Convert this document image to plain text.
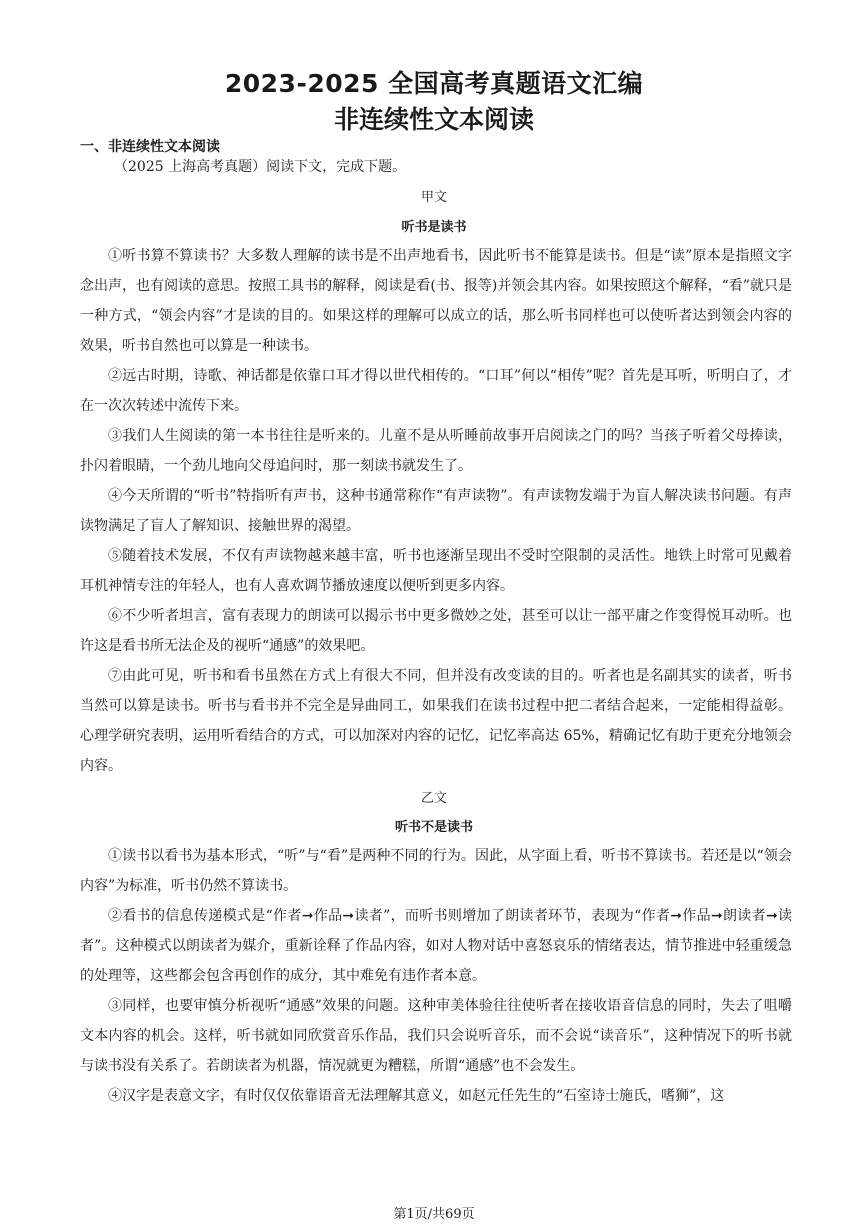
2023-2025 全国高考真题语文汇编
非连续性文本阅读
一、非连续性文本阅读
（2025 上海高考真题）阅读下文，完成下题。
甲文
听书是读书

①听书算不算读书？大多数人理解的读书是不出声地看书，因此听书不能算是读书。但是“读”原本是指照文字念出声，也有阅读的意思。按照工具书的解释，阅读是看(书、报等)并领会其内容。如果按照这个解释，“看”就只是一种方式，“领会内容”才是读的目的。如果这样的理解可以成立的话，那么听书同样也可以使听者达到领会内容的效果，听书自然也可以算是一种读书。

②远古时期，诗歌、神话都是依靠口耳才得以世代相传的。“口耳”何以“相传”呢？首先是耳听，听明白了，才在一次次转述中流传下来。

③我们人生阅读的第一本书往往是听来的。儿童不是从听睡前故事开启阅读之门的吗？当孩子听着父母捧读，扑闪着眼睛，一个劲儿地向父母追问时，那一刻读书就发生了。

④今天所谓的“听书”特指听有声书，这种书通常称作“有声读物”。有声读物发端于为盲人解决读书问题。有声读物满足了盲人了解知识、接触世界的渴望。

⑤随着技术发展，不仅有声读物越来越丰富，听书也逐渐呈现出不受时空限制的灵活性。地铁上时常可见戴着耳机神情专注的年轻人，也有人喜欢调节播放速度以便听到更多内容。

⑥不少听者坦言，富有表现力的朗读可以揭示书中更多微妙之处，甚至可以让一部平庸之作变得悦耳动听。也许这是看书所无法企及的视听“通感”的效果吧。

⑦由此可见，听书和看书虽然在方式上有很大不同，但并没有改变读的目的。听者也是名副其实的读者，听书当然可以算是读书。听书与看书并不完全是异曲同工，如果我们在读书过程中把二者结合起来，一定能相得益彰。心理学研究表明，运用听看结合的方式，可以加深对内容的记忆，记忆率高达 65%，精确记忆有助于更充分地领会内容。

乙文
听书不是读书

①读书以看书为基本形式，“听”与“看”是两种不同的行为。因此，从字面上看，听书不算读书。若还是以“领会内容”为标准，听书仍然不算读书。

②看书的信息传递模式是“作者➞作品➞读者”，而听书则增加了朗读者环节，表现为“作者➞作品➞朗读者➞读者”。这种模式以朗读者为媒介，重新诠释了作品内容，如对人物对话中喜怒哀乐的情绪表达，情节推进中轻重缓急的处理等，这些都会包含再创作的成分，其中难免有违作者本意。

③同样，也要审慎分析视听“通感”效果的问题。这种审美体验往往使听者在接收语音信息的同时，失去了咀嚼文本内容的机会。这样，听书就如同欣赏音乐作品，我们只会说听音乐，而不会说“读音乐”，这种情况下的听书就与读书没有关系了。若朗读者为机器，情况就更为糟糕，所谓“通感”也不会发生。

④汉字是表意文字，有时仅仅依靠语音无法理解其意义，如赵元任先生的“石室诗士施氏，嗜狮”，这

第1页/共69页
